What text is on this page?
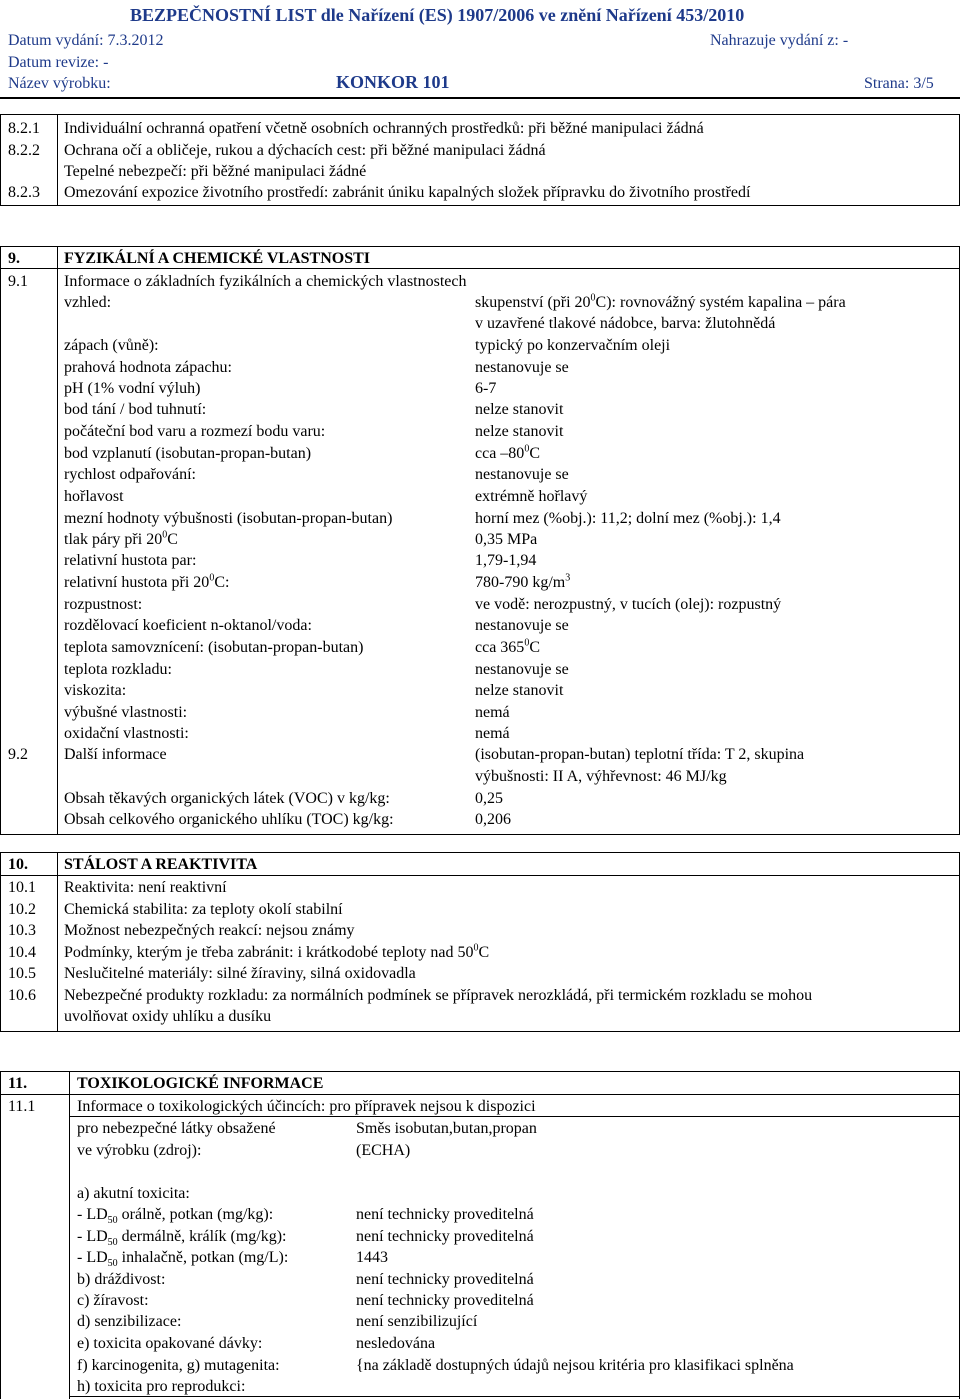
BEZPEČNOSTNÍ LIST dle Nařízení (ES) 1907/2006 ve znění Nařízení 453/2010
Datum vydání: 7.3.2012	Nahrazuje vydání z: -
Datum revize: -
Název výrobku:	KONKOR 101	Strana: 3/5
8.2.1 Individuální ochranná opatření včetně osobních ochranných prostředků: při běžné manipulaci žádná
8.2.2 Ochrana očí a obličeje, rukou a dýchacích cest: při běžné manipulaci žádná
Tepelné nebezpečí: při běžné manipulaci žádné
8.2.3 Omezování expozice životního prostředí: zabránit úniku kapalných složek přípravku do životního prostředí
9.	FYZIKÁLNÍ A CHEMICKÉ VLASTNOSTI
9.1 Informace o základních fyzikálních a chemických vlastnostech
vzhled:	skupenství (při $20^0C$): rovnovážný systém kapalina – pára
v uzavřené tlakové nádobce, barva: žlutohnědá
zápach (vůně):	typický po konzervačním oleji
prahová hodnota zápachu:	nestanovuje se
pH (1% vodní výluh)	6-7
bod tání / bod tuhnutí:	nelze stanovit
počáteční bod varu a rozmezí bodu varu:	nelze stanovit
bod vzplanutí (isobutan-propan-butan)	cca $-80^0C$
rychlost odpařování:	nestanovuje se
hořlavost	extrémně hořlavý
mezní hodnoty výbušnosti (isobutan-propan-butan)	horní mez (%obj.): 11,2; dolní mez (%obj.): 1,4
tlak páry při $20^0C$	0,35 MPa
relativní hustota par:	1,79-1,94
relativní hustota při $20^0C$:	780-790 $kg/m^3$
rozpustnost:	ve vodě: nerozpustný, v tucích (olej): rozpustný
rozdělovací koeficient n-oktanol/voda:	nestanovuje se
teplota samovznícení: (isobutan-propan-butan)	cca $365^0C$
teplota rozkladu:	nestanovuje se
viskozita:	nelze stanovit
výbušné vlastnosti:	nemá
oxidační vlastnosti:	nemá
9.2 Další informace	(isobutan-propan-butan) teplotní třída: T 2, skupina
výbušnosti: II A, výhřevnost: 46 MJ/kg
Obsah těkavých organických látek (VOC) v kg/kg:	0,25
Obsah celkového organického uhlíku (TOC) kg/kg:	0,206
10. STÁLOST A REAKTIVITA
10.1 Reaktivita: není reaktivní
10.2 Chemická stabilita: za teploty okolí stabilní
10.3 Možnost nebezpečných reakcí: nejsou známy
10.4 Podmínky, kterým je třeba zabránit: i krátkodobé teploty nad $50^0C$
10.5 Neslučitelné materiály: silné žíraviny, silná oxidovadla
10.6 Nebezpečné produkty rozkladu: za normálních podmínek se přípravek nerozkládá, při termickém rozkladu se mohou
uvolňovat oxidy uhlíku a dusíku
11.	TOXIKOLOGICKÉ INFORMACE
11.1	Informace o toxikologických účincích: pro přípravek nejsou k dispozici
pro nebezpečné látky obsažené	Směs isobutan,butan,propan
ve výrobku (zdroj):	(ECHA)
a) akutní toxicita:
- $LD_{50}$ orálně, potkan (mg/kg):	není technicky proveditelná
- $LD_{50}$ dermálně, králík (mg/kg):	není technicky proveditelná
- $LD_{50}$ inhalačně, potkan (mg/L):	1443
b) dráždivost:	není technicky proveditelná
c) žíravost:	není technicky proveditelná
d) senzibilizace:	není senzibilizující
e) toxicita opakované dávky:	nesledována
f) karcinogenita, g) mutagenita:	{na základě dostupných údajů nejsou kritéria pro klasifikaci splněna
h) toxicita pro reprodukci:
